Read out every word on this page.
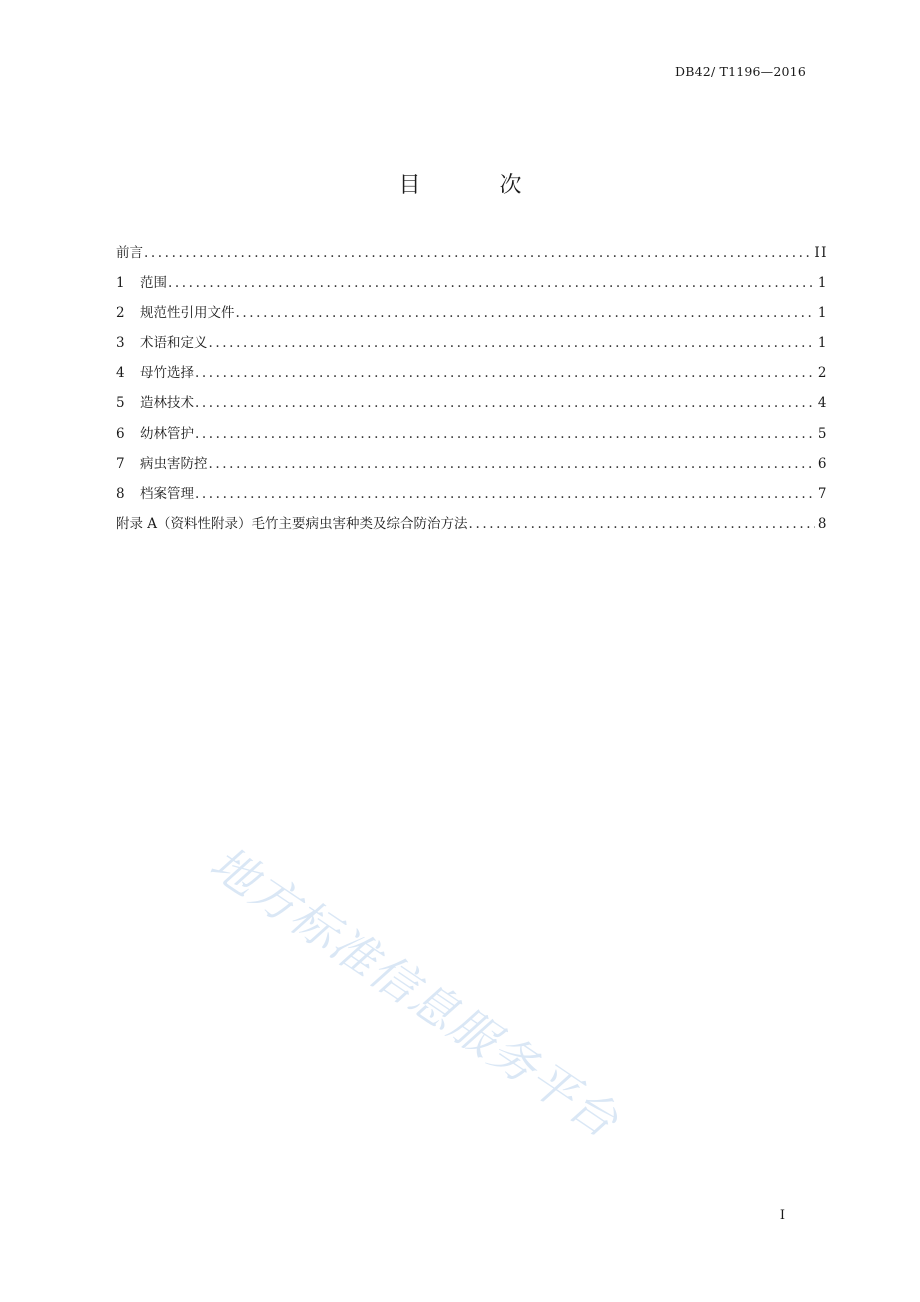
DB42/ T1196—2016
目 次
前言 .....	II
1	范围 .....	1
2	规范性引用文件 .....	1
3	术语和定义 .....	1
4	母竹选择 .....	2
5	造林技术 .....	4
6	幼林管护 .....	5
7	病虫害防控 .....	6
8	档案管理 .....	7
附录 A（资料性附录）毛竹主要病虫害种类及综合防治方法 .....	8
地方标准信息服务平台
I
